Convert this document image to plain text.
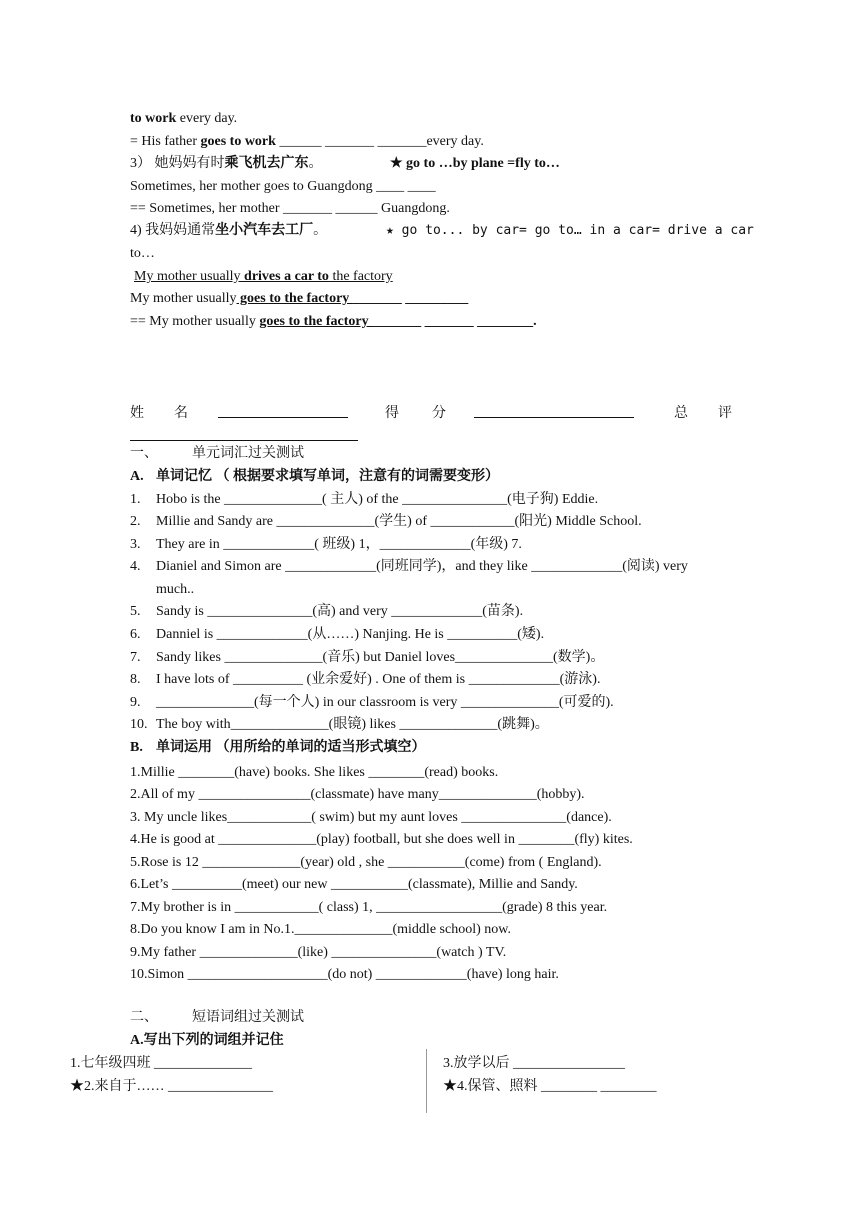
to work every day.
= His father goes to work ______ _______ _______every day.
3） 她妈妈有时乘飞机去广东。	★ go to …by plane =fly to…
Sometimes, her mother goes to Guangdong ____ ____
== Sometimes, her mother _______ ______ Guangdong.
4) 我妈妈通常坐小汽车去工厂。	★ go to... by car= go to… in a car= drive a car
to…
My mother usually drives a car to the factory
My mother usually goes to the factory _______ _________
== My mother usually goes to the factory _______ _______ ________.
姓 名	得 分	总 评
一、 单元词汇过关测试
A. 单词记忆 （ 根据要求填写单词，注意有的词需要变形）
1. Hobo is the ______________( 主人) of the _______________(电子狗) Eddie.
2. Millie and Sandy are ______________(学生) of ____________(阳光) Middle School.
3. They are in _____________( 班级) 1，_____________(年级) 7.
4. Dianiel and Simon are _____________(同班同学)，and they like _____________(阅读) very
much..
5. Sandy is _______________(高) and very _____________(苗条).
6. Danniel is _____________(从……) Nanjing. He is __________(矮).
7. Sandy likes ______________(音乐) but Daniel loves______________(数学)。
8. I have lots of __________ (业余爱好) . One of them is _____________(游泳).
9. ______________(每一个人) in our classroom is very ______________(可爱的).
10. The boy with______________(眼镜) likes ______________(跳舞)。
B. 单词运用 （用所给的单词的适当形式填空）
1.Millie ________(have) books. She likes ________(read) books.
2.All of my ________________(classmate) have many______________(hobby).
3. My uncle likes____________( swim) but my aunt loves _______________(dance).
4.He is good at ______________(play) football, but she does well in ________(fly) kites.
5.Rose is 12 ______________(year) old , she ___________(come) from ( England).
6.Let’s __________(meet) our new ___________(classmate), Millie and Sandy.
7.My brother is in ____________( class) 1, __________________(grade) 8 this year.
8.Do you know I am in No.1.______________(middle school) now.
9.My father ______________(like) _______________(watch ) TV.
10.Simon ____________________(do not) _____________(have) long hair.
二、 短语词组过关测试
A.写出下列的词组并记住
1.七年级四班 ______________
★2.来自于…… _______________
3.放学以后 ________________
★4.保管、照料 ________ ________
